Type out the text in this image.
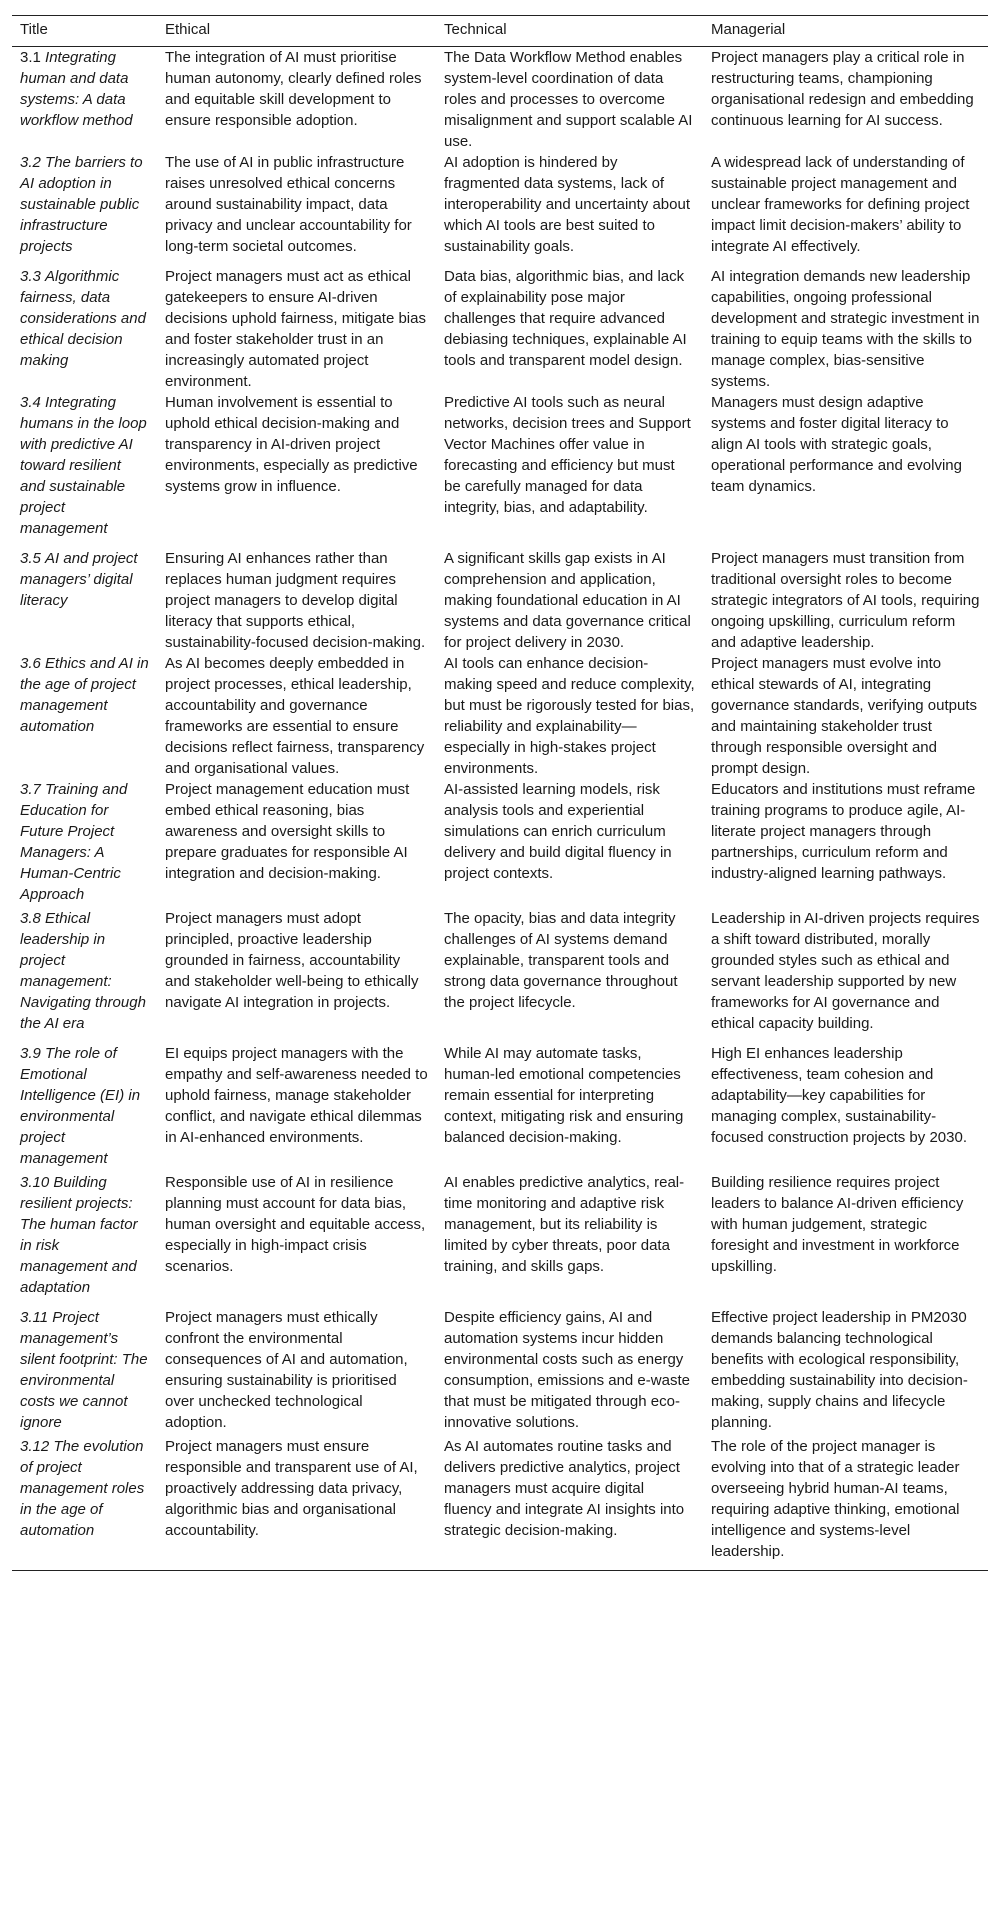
Title	Ethical	Technical	Managerial
3.1 Integrating human and data systems: A data workflow method	The integration of AI must prioritise human autonomy, clearly defined roles and equitable skill development to ensure responsible adoption.	The Data Workflow Method enables system-level coordination of data roles and processes to overcome misalignment and support scalable AI use.	Project managers play a critical role in restructuring teams, championing organisational redesign and embedding continuous learning for AI success.
3.2 The barriers to AI adoption in sustainable public infrastructure projects	The use of AI in public infrastructure raises unresolved ethical concerns around sustainability impact, data privacy and unclear accountability for long-term societal outcomes.	AI adoption is hindered by fragmented data systems, lack of interoperability and uncertainty about which AI tools are best suited to sustainability goals.	A widespread lack of understanding of sustainable project management and unclear frameworks for defining project impact limit decision-makers’ ability to integrate AI effectively.
3.3 Algorithmic fairness, data considerations and ethical decision making	Project managers must act as ethical gatekeepers to ensure AI-driven decisions uphold fairness, mitigate bias and foster stakeholder trust in an increasingly automated project environment.	Data bias, algorithmic bias, and lack of explainability pose major challenges that require advanced debiasing techniques, explainable AI tools and transparent model design.	AI integration demands new leadership capabilities, ongoing professional development and strategic investment in training to equip teams with the skills to manage complex, bias-sensitive systems.
3.4 Integrating humans in the loop with predictive AI toward resilient and sustainable project management	Human involvement is essential to uphold ethical decision-making and transparency in AI-driven project environments, especially as predictive systems grow in influence.	Predictive AI tools such as neural networks, decision trees and Support Vector Machines offer value in forecasting and efficiency but must be carefully managed for data integrity, bias, and adaptability.	Managers must design adaptive systems and foster digital literacy to align AI tools with strategic goals, operational performance and evolving team dynamics.
3.5 AI and project managers’ digital literacy	Ensuring AI enhances rather than replaces human judgment requires project managers to develop digital literacy that supports ethical, sustainability-focused decision-making.	A significant skills gap exists in AI comprehension and application, making foundational education in AI systems and data governance critical for project delivery in 2030.	Project managers must transition from traditional oversight roles to become strategic integrators of AI tools, requiring ongoing upskilling, curriculum reform and adaptive leadership.
3.6 Ethics and AI in the age of project management automation	As AI becomes deeply embedded in project processes, ethical leadership, accountability and governance frameworks are essential to ensure decisions reflect fairness, transparency and organisational values.	AI tools can enhance decision-making speed and reduce complexity, but must be rigorously tested for bias, reliability and explainability—especially in high-stakes project environments.	Project managers must evolve into ethical stewards of AI, integrating governance standards, verifying outputs and maintaining stakeholder trust through responsible oversight and prompt design.
3.7 Training and Education for Future Project Managers: A Human-Centric Approach	Project management education must embed ethical reasoning, bias awareness and oversight skills to prepare graduates for responsible AI integration and decision-making.	AI-assisted learning models, risk analysis tools and experiential simulations can enrich curriculum delivery and build digital fluency in project contexts.	Educators and institutions must reframe training programs to produce agile, AI-literate project managers through partnerships, curriculum reform and industry-aligned learning pathways.
3.8 Ethical leadership in project management: Navigating through the AI era	Project managers must adopt principled, proactive leadership grounded in fairness, accountability and stakeholder well-being to ethically navigate AI integration in projects.	The opacity, bias and data integrity challenges of AI systems demand explainable, transparent tools and strong data governance throughout the project lifecycle.	Leadership in AI-driven projects requires a shift toward distributed, morally grounded styles such as ethical and servant leadership supported by new frameworks for AI governance and ethical capacity building.
3.9 The role of Emotional Intelligence (EI) in environmental project management	EI equips project managers with the empathy and self-awareness needed to uphold fairness, manage stakeholder conflict, and navigate ethical dilemmas in AI-enhanced environments.	While AI may automate tasks, human-led emotional competencies remain essential for interpreting context, mitigating risk and ensuring balanced decision-making.	High EI enhances leadership effectiveness, team cohesion and adaptability—key capabilities for managing complex, sustainability-focused construction projects by 2030.
3.10 Building resilient projects: The human factor in risk management and adaptation	Responsible use of AI in resilience planning must account for data bias, human oversight and equitable access, especially in high-impact crisis scenarios.	AI enables predictive analytics, real-time monitoring and adaptive risk management, but its reliability is limited by cyber threats, poor data training, and skills gaps.	Building resilience requires project leaders to balance AI-driven efficiency with human judgement, strategic foresight and investment in workforce upskilling.
3.11 Project management’s silent footprint: The environmental costs we cannot ignore	Project managers must ethically confront the environmental consequences of AI and automation, ensuring sustainability is prioritised over unchecked technological adoption.	Despite efficiency gains, AI and automation systems incur hidden environmental costs such as energy consumption, emissions and e-waste that must be mitigated through eco-innovative solutions.	Effective project leadership in PM2030 demands balancing technological benefits with ecological responsibility, embedding sustainability into decision-making, supply chains and lifecycle planning.
3.12 The evolution of project management roles in the age of automation	Project managers must ensure responsible and transparent use of AI, proactively addressing data privacy, algorithmic bias and organisational accountability.	As AI automates routine tasks and delivers predictive analytics, project managers must acquire digital fluency and integrate AI insights into strategic decision-making.	The role of the project manager is evolving into that of a strategic leader overseeing hybrid human-AI teams, requiring adaptive thinking, emotional intelligence and systems-level leadership.
